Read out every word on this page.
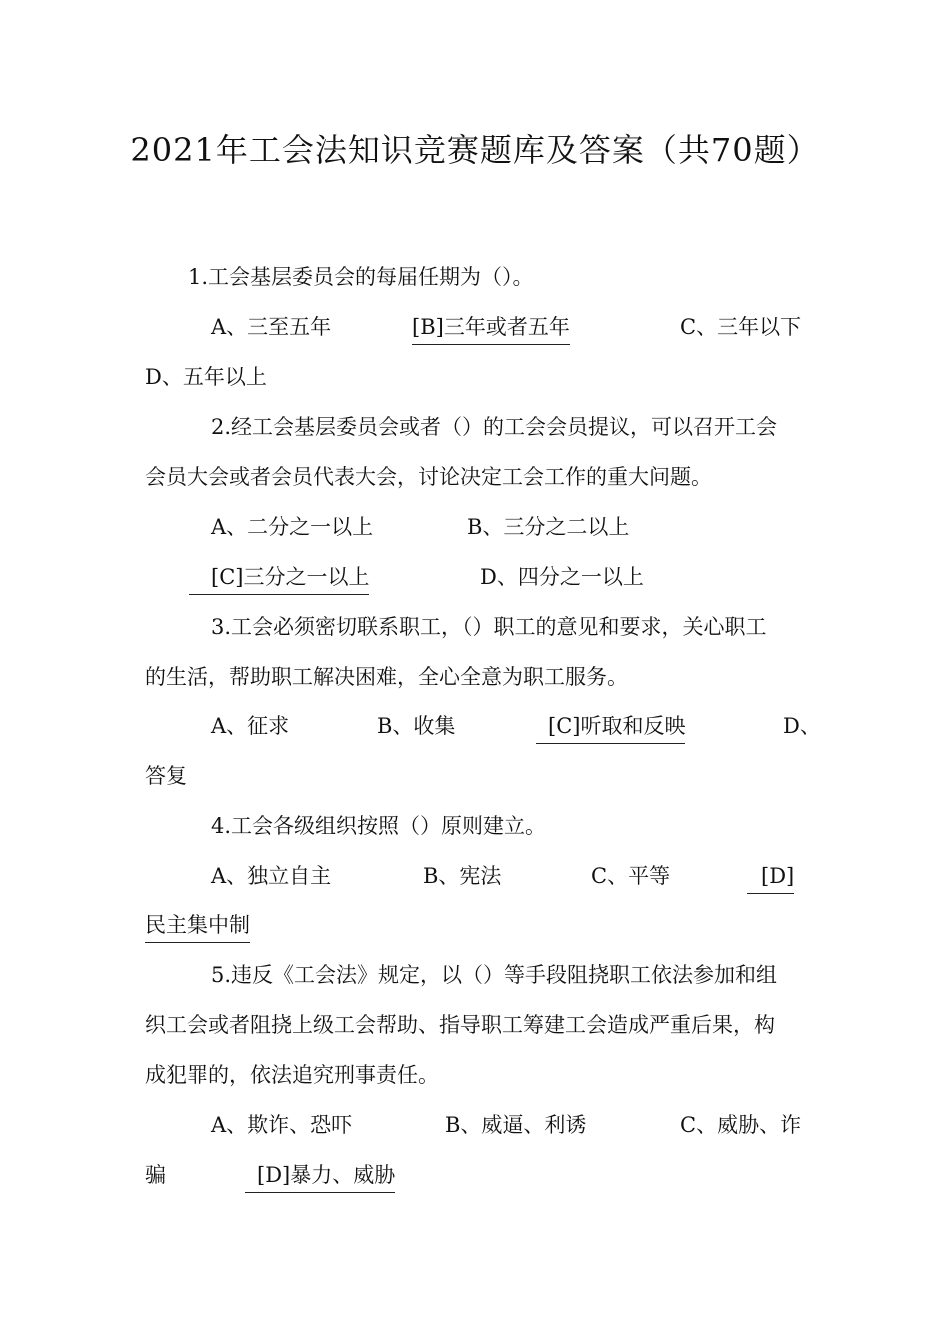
2021年工会法知识竞赛题库及答案（共70题）
1.工会基层委员会的每届任期为（）。
A、三至五年	[B]三年或者五年	C、三年以下
D、五年以上
2.经工会基层委员会或者（）的工会会员提议，可以召开工会
会员大会或者会员代表大会，讨论决定工会工作的重大问题。
A、二分之一以上	B、三分之二以上
[C]三分之一以上	D、四分之一以上
3.工会必须密切联系职工，（）职工的意见和要求，关心职工
的生活，帮助职工解决困难，全心全意为职工服务。
A、征求	B、收集	[C]听取和反映	D、
答复
4.工会各级组织按照（）原则建立。
A、独立自主	B、宪法	C、平等	[D]
民主集中制
5.违反《工会法》规定，以（）等手段阻挠职工依法参加和组
织工会或者阻挠上级工会帮助、指导职工筹建工会造成严重后果，构
成犯罪的，依法追究刑事责任。
A、欺诈、恐吓	B、威逼、利诱	C、威胁、诈
骗	[D]暴力、威胁
